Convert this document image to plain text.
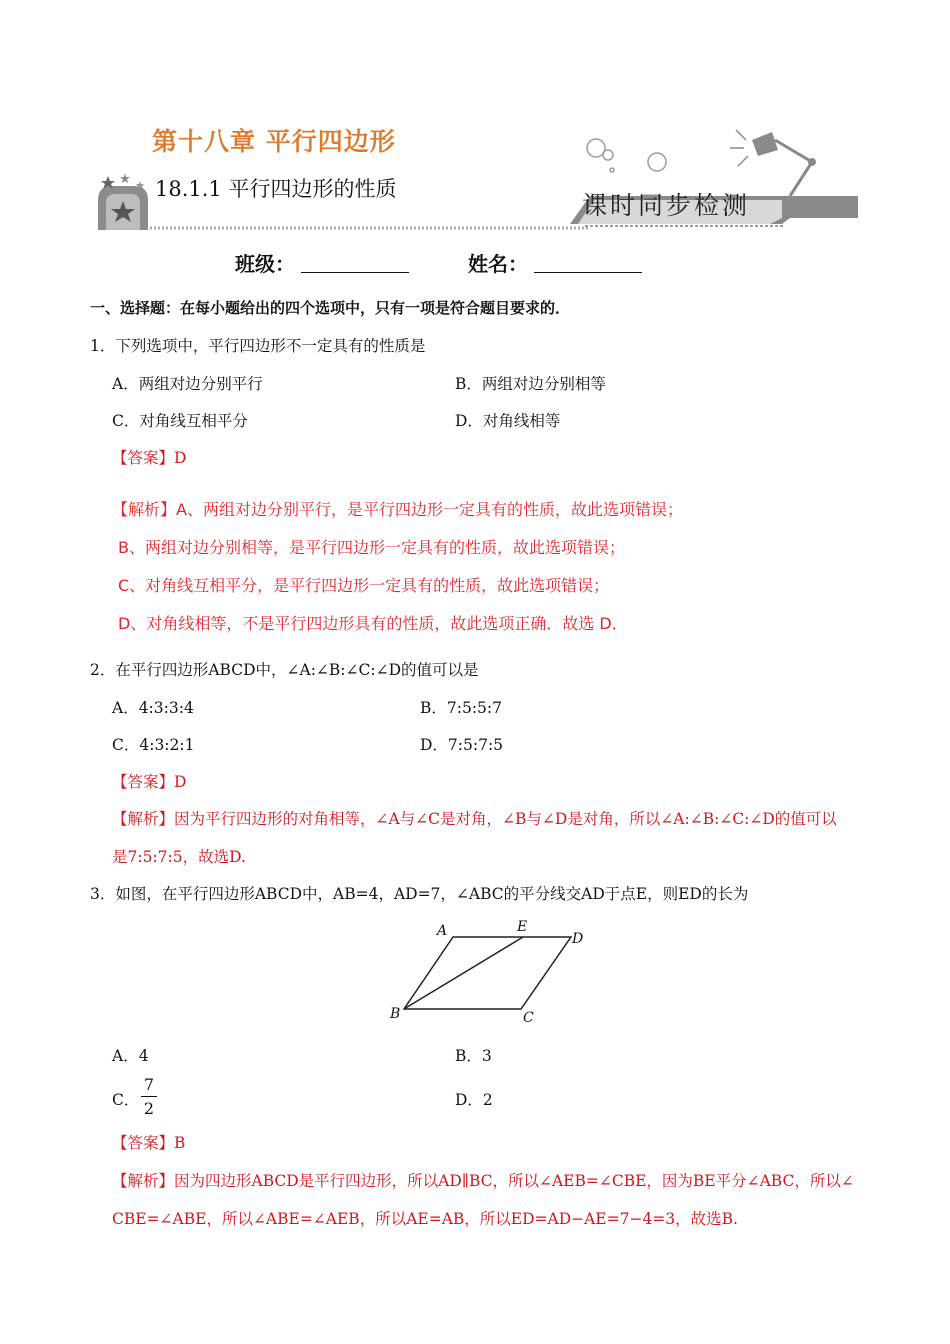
第十八章 平行四边形
18.1.1 平行四边形的性质
课时同步检测
班级：	姓名：
一、选择题：在每小题给出的四个选项中，只有一项是符合题目要求的．
1．下列选项中，平行四边形不一定具有的性质是
A．两组对边分别平行	B．两组对边分别相等
C．对角线互相平分	D．对角线相等
【答案】D
【解析】A、两组对边分别平行，是平行四边形一定具有的性质，故此选项错误；
B、两组对边分别相等，是平行四边形一定具有的性质，故此选项错误；
C、对角线互相平分，是平行四边形一定具有的性质，故此选项错误；
D、对角线相等，不是平行四边形具有的性质，故此选项正确．故选 D．
2．在平行四边形ABCD中，∠A:∠B:∠C:∠D的值可以是
A．4:3:3:4	B．7:5:5:7
C．4:3:2:1	D．7:5:7:5
【答案】D
【解析】因为平行四边形的对角相等，∠A与∠C是对角，∠B与∠D是对角，所以∠A:∠B:∠C:∠D的值可以
是7:5:7:5，故选D.
3．如图，在平行四边形ABCD中，AB=4，AD=7，∠ABC的平分线交AD于点E，则ED的长为
A	E
D
B	C
A．4	B．3
C．
7
2	D．2
【答案】B
【解析】因为四边形ABCD是平行四边形，所以AD∥BC，所以∠AEB=∠CBE，因为BE平分∠ABC，所以∠
CBE=∠ABE，所以∠ABE=∠AEB，所以AE=AB，所以ED=AD−AE=7−4=3，故选B.
